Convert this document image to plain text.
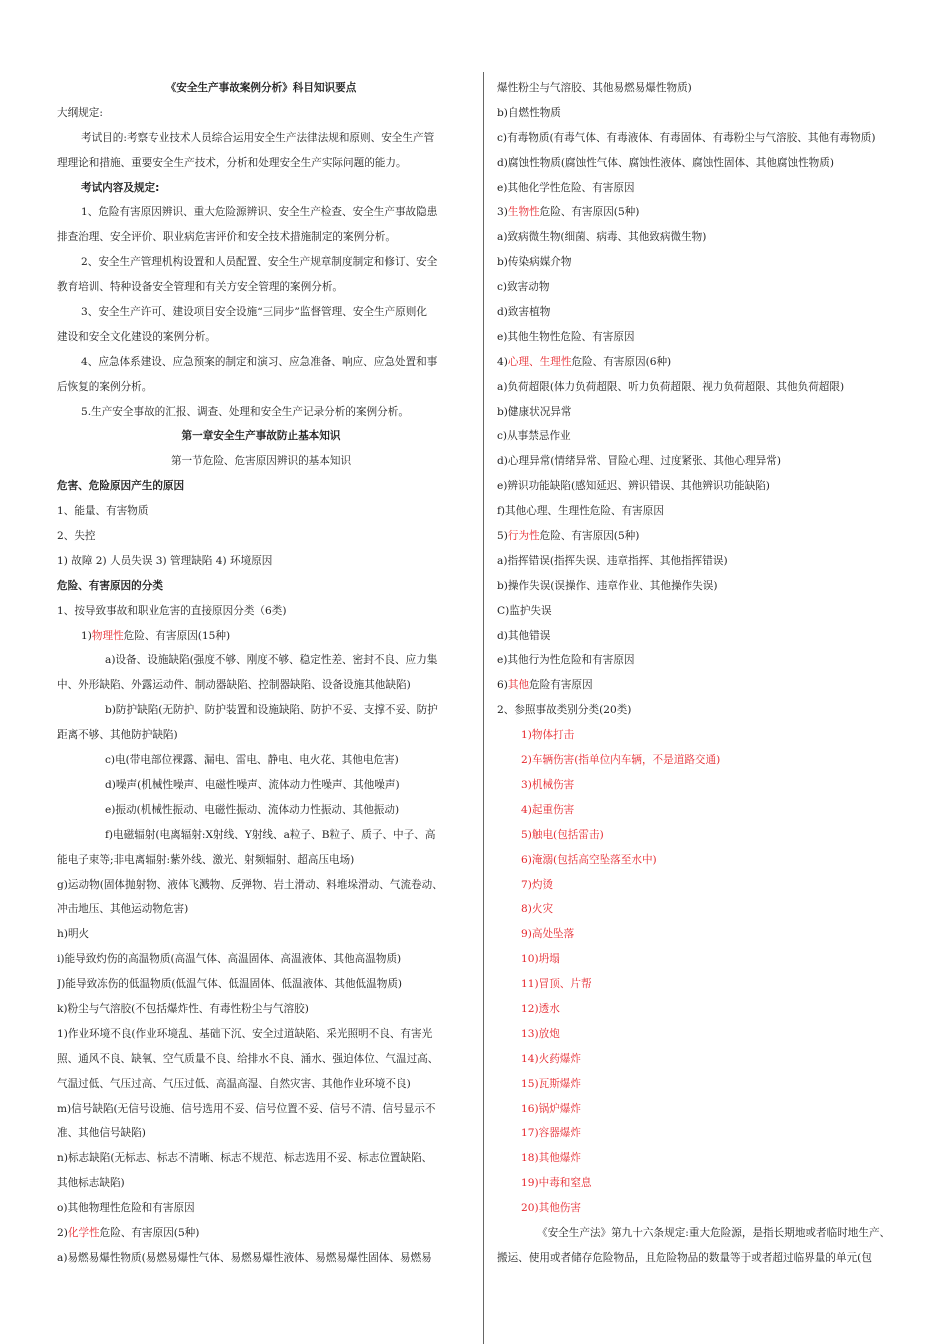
《安全生产事故案例分析》科目知识要点
大纲规定:
考试目的:考察专业技术人员综合运用安全生产法律法规和原则、安全生产管
理理论和措施、重要安全生产技术，分析和处理安全生产实际问题的能力。
考试内容及规定:
1、危险有害原因辨识、重大危险源辨识、安全生产检查、安全生产事故隐患
排查治理、安全评价、职业病危害评价和安全技术措施制定的案例分析。
2、安全生产管理机构设置和人员配置、安全生产规章制度制定和修订、安全
教育培训、特种设备安全管理和有关方安全管理的案例分析。
3、安全生产许可、建设项目安全设施“三同步”监督管理、安全生产原则化
建设和安全文化建设的案例分析。
4、应急体系建设、应急预案的制定和演习、应急准备、响应、应急处置和事
后恢复的案例分析。
5.生产安全事故的汇报、调查、处理和安全生产记录分析的案例分析。
第一章安全生产事故防止基本知识
第一节危险、危害原因辨识的基本知识
危害、危险原因产生的原因
1、能量、有害物质
2、失控
1) 故障 2) 人员失误 3) 管理缺陷 4) 环境原因
危险、有害原因的分类
1、按导致事故和职业危害的直接原因分类（6类)
1)物理性危险、有害原因(15种)
a)设备、设施缺陷(强度不够、刚度不够、稳定性差、密封不良、应力集
中、外形缺陷、外露运动件、制动器缺陷、控制器缺陷、设备设施其他缺陷)
b)防护缺陷(无防护、防护装置和设施缺陷、防护不妥、支撑不妥、防护
距离不够、其他防护缺陷)
c)电(带电部位裸露、漏电、雷电、静电、电火花、其他电危害)
d)噪声(机械性噪声、电磁性噪声、流体动力性噪声、其他噪声)
e)振动(机械性振动、电磁性振动、流体动力性振动、其他振动)
f)电磁辐射(电离辐射:X射线、Y射线、a粒子、B粒子、质子、中子、高
能电子束等;非电离辐射:紫外线、激光、射频辐射、超高压电场)
g)运动物(固体抛射物、液体飞溅物、反弹物、岩土滑动、料堆垛滑动、气流卷动、
冲击地压、其他运动物危害)
h)明火
i)能导致灼伤的高温物质(高温气体、高温固体、高温液体、其他高温物质)
J)能导致冻伤的低温物质(低温气体、低温固体、低温液体、其他低温物质)
k)粉尘与气溶胶(不包括爆炸性、有毒性粉尘与气溶胶)
1)作业环境不良(作业环境乱、基础下沉、安全过道缺陷、采光照明不良、有害光
照、通风不良、缺氧、空气质量不良、给排水不良、涌水、强迫体位、气温过高、
气温过低、气压过高、气压过低、高温高湿、自然灾害、其他作业环境不良)
m)信号缺陷(无信号设施、信号选用不妥、信号位置不妥、信号不清、信号显示不
准、其他信号缺陷)
n)标志缺陷(无标志、标志不清晰、标志不规范、标志选用不妥、标志位置缺陷、
其他标志缺陷)
o)其他物理性危险和有害原因
2)化学性危险、有害原因(5种)
a)易燃易爆性物质(易燃易爆性气体、易燃易爆性液体、易燃易爆性固体、易燃易
爆性粉尘与气溶胶、其他易燃易爆性物质)
b)自燃性物质
c)有毒物质(有毒气体、有毒液体、有毒固体、有毒粉尘与气溶胶、其他有毒物质)
d)腐蚀性物质(腐蚀性气体、腐蚀性液体、腐蚀性固体、其他腐蚀性物质)
e)其他化学性危险、有害原因
3)生物性危险、有害原因(5种)
a)致病微生物(细菌、病毒、其他致病微生物)
b)传染病媒介物
c)致害动物
d)致害植物
e)其他生物性危险、有害原因
4)心理、生理性危险、有害原因(6种)
a)负荷超限(体力负荷超限、听力负荷超限、视力负荷超限、其他负荷超限)
b)健康状况异常
c)从事禁忌作业
d)心理异常(情绪异常、冒险心理、过度紧张、其他心理异常)
e)辨识功能缺陷(感知延迟、辨识错误、其他辨识功能缺陷)
f)其他心理、生理性危险、有害原因
5)行为性危险、有害原因(5种)
a)指挥错误(指挥失误、违章指挥、其他指挥错误)
b)操作失误(误操作、违章作业、其他操作失误)
C)监护失误
d)其他错误
e)其他行为性危险和有害原因
6)其他危险有害原因
2、参照事故类别分类(20类)
1)物体打击
2)车辆伤害(指单位内车辆，不是道路交通)
3)机械伤害
4)起重伤害
5)触电(包括雷击)
6)淹溺(包括高空坠落至水中)
7)灼烫
8)火灾
9)高处坠落
10)坍塌
11)冒顶、片帮
12)透水
13)放炮
14)火药爆炸
15)瓦斯爆炸
16)锅炉爆炸
17)容器爆炸
18)其他爆炸
19)中毒和窒息
20)其他伤害
《安全生产法》第九十六条规定:重大危险源，是指长期地或者临时地生产、
搬运、使用或者储存危险物品，且危险物品的数量等于或者超过临界量的单元(包
